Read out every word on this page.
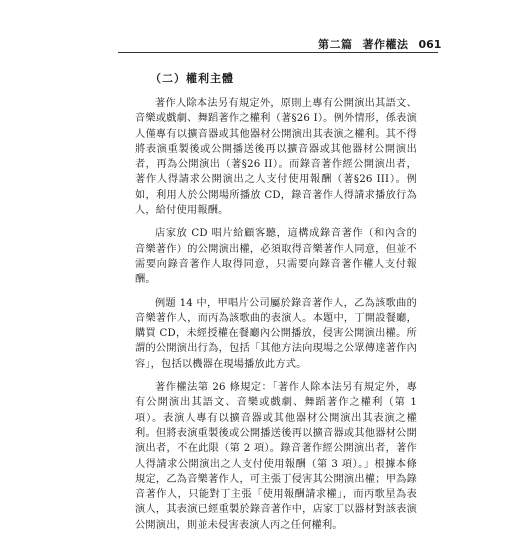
第二篇 著作權法 061
（二）權利主體

著作人除本法另有規定外，原則上專有公開演出其語文、音樂或戲劇、舞蹈著作之權利（著§26 I）。例外情形，係表演人僅專有以擴音器或其他器材公開演出其表演之權利。其不得將表演重製後或公開播送後再以擴音器或其他器材公開演出者，再為公開演出（著§26 II）。而錄音著作經公開演出者，著作人得請求公開演出之人支付使用報酬（著§26 III）。例如，利用人於公開場所播放 CD，錄音著作人得請求播放行為人，給付使用報酬。

店家放 CD 唱片給顧客聽，這構成錄音著作（和內含的音樂著作）的公開演出權，必須取得音樂著作人同意，但並不需要向錄音著作人取得同意，只需要向錄音著作權人支付報酬。

例題 14 中，甲唱片公司屬於錄音著作人，乙為該歌曲的音樂著作人，而丙為該歌曲的表演人。本題中，丁開設餐廳，購買 CD，未經授權在餐廳內公開播放，侵害公開演出權。所謂的公開演出行為，包括「其他方法向現場之公眾傳達著作內容」，包括以機器在現場播放此方式。

著作權法第 26 條規定：「著作人除本法另有規定外，專有公開演出其語文、音樂或戲劇、舞蹈著作之權利（第 1 項）。表演人專有以擴音器或其他器材公開演出其表演之權利。但將表演重製後或公開播送後再以擴音器或其他器材公開演出者，不在此限（第 2 項）。錄音著作經公開演出者，著作人得請求公開演出之人支付使用報酬（第 3 項）。」根據本條規定，乙為音樂著作人，可主張丁侵害其公開演出權；甲為錄音著作人，只能對丁主張「使用報酬請求權」，而丙歌星為表演人，其表演已經重製於錄音著作中，店家丁以器材對該表演公開演出，則並未侵害表演人丙之任何權利。
